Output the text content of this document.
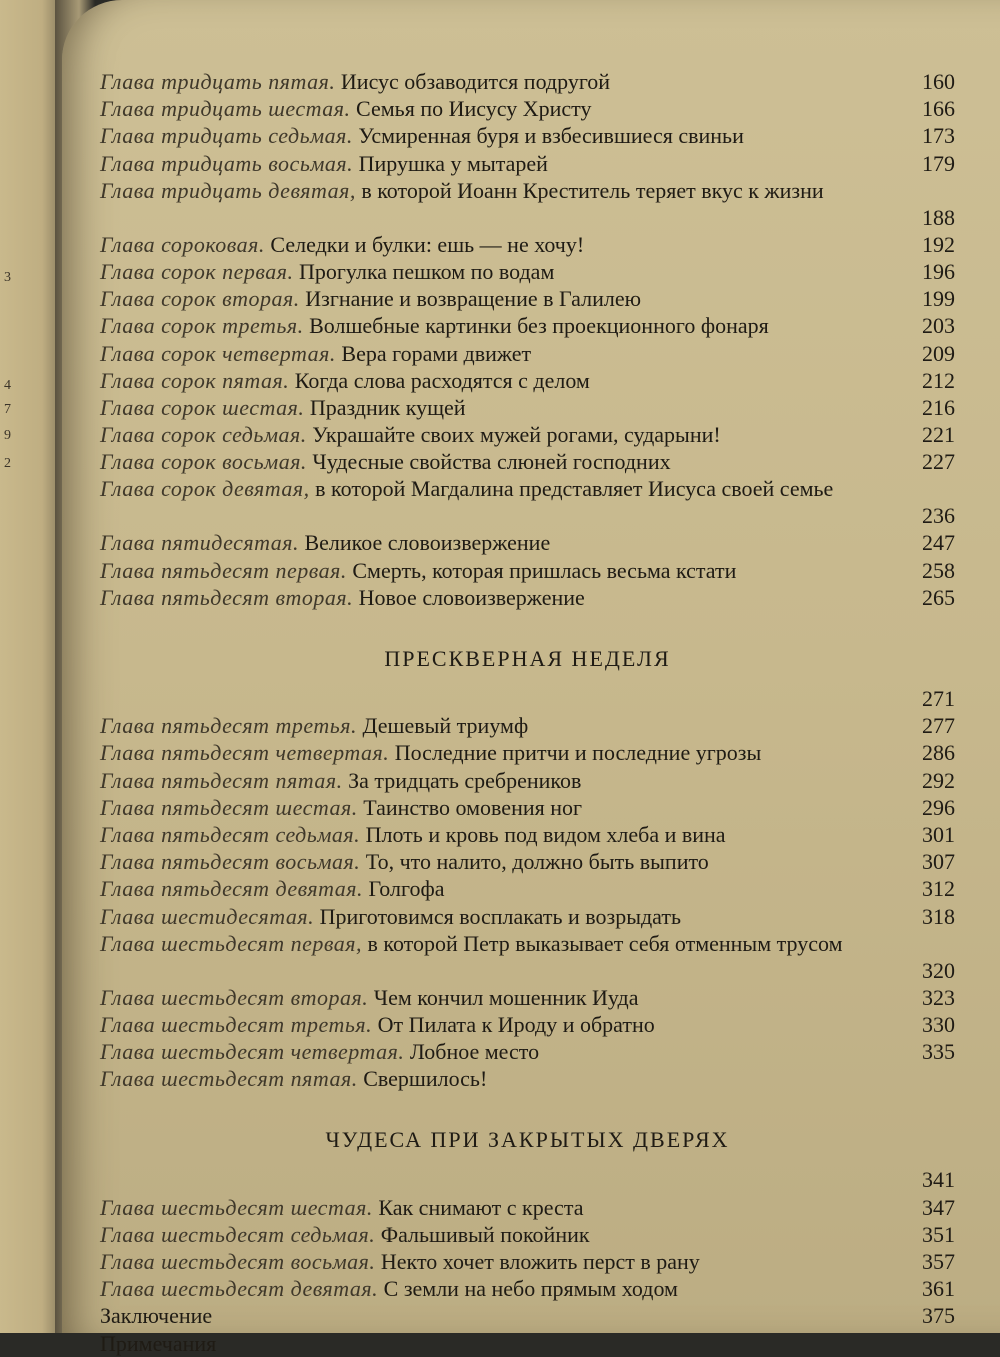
3
4
7
9
2
Глава тридцать пятая. Иисус обзаводится подругой	160
Глава тридцать шестая. Семья по Иисусу Христу	166
Глава тридцать седьмая. Усмиренная буря и взбесившиеся свиньи	173
Глава тридцать восьмая. Пирушка у мытарей	179
Глава тридцать девятая, в которой Иоанн Креститель теряет вкус к жизни
188
Глава сороковая. Селедки и булки: ешь — не хочу!	192
Глава сорок первая. Прогулка пешком по водам	196
Глава сорок вторая. Изгнание и возвращение в Галилею	199
Глава сорок третья. Волшебные картинки без проекционного фонаря	203
Глава сорок четвертая. Вера горами движет	209
Глава сорок пятая. Когда слова расходятся с делом	212
Глава сорок шестая. Праздник кущей	216
Глава сорок седьмая. Украшайте своих мужей рогами, сударыни!	221
Глава сорок восьмая. Чудесные свойства слюней господних	227
Глава сорок девятая, в которой Магдалина представляет Иисуса своей семье
236
Глава пятидесятая. Великое словоизвержение	247
Глава пятьдесят первая. Смерть, которая пришлась весьма кстати	258
Глава пятьдесят вторая. Новое словоизвержение	265
ПРЕСКВЕРНАЯ НЕДЕЛЯ
271
Глава пятьдесят третья. Дешевый триумф	277
Глава пятьдесят четвертая. Последние притчи и последние угрозы	286
Глава пятьдесят пятая. За тридцать сребреников	292
Глава пятьдесят шестая. Таинство омовения ног	296
Глава пятьдесят седьмая. Плоть и кровь под видом хлеба и вина	301
Глава пятьдесят восьмая. То, что налито, должно быть выпито	307
Глава пятьдесят девятая. Голгофа	312
Глава шестидесятая. Приготовимся восплакать и возрыдать	318
Глава шестьдесят первая, в которой Петр выказывает себя отменным трусом
320
Глава шестьдесят вторая. Чем кончил мошенник Иуда	323
Глава шестьдесят третья. От Пилата к Ироду и обратно	330
Глава шестьдесят четвертая. Лобное место	335
Глава шестьдесят пятая. Свершилось!
ЧУДЕСА ПРИ ЗАКРЫТЫХ ДВЕРЯХ
341
Глава шестьдесят шестая. Как снимают с креста	347
Глава шестьдесят седьмая. Фальшивый покойник	351
Глава шестьдесят восьмая. Некто хочет вложить перст в рану	357
Глава шестьдесят девятая. С земли на небо прямым ходом	361
Заключение	375
Примечания
